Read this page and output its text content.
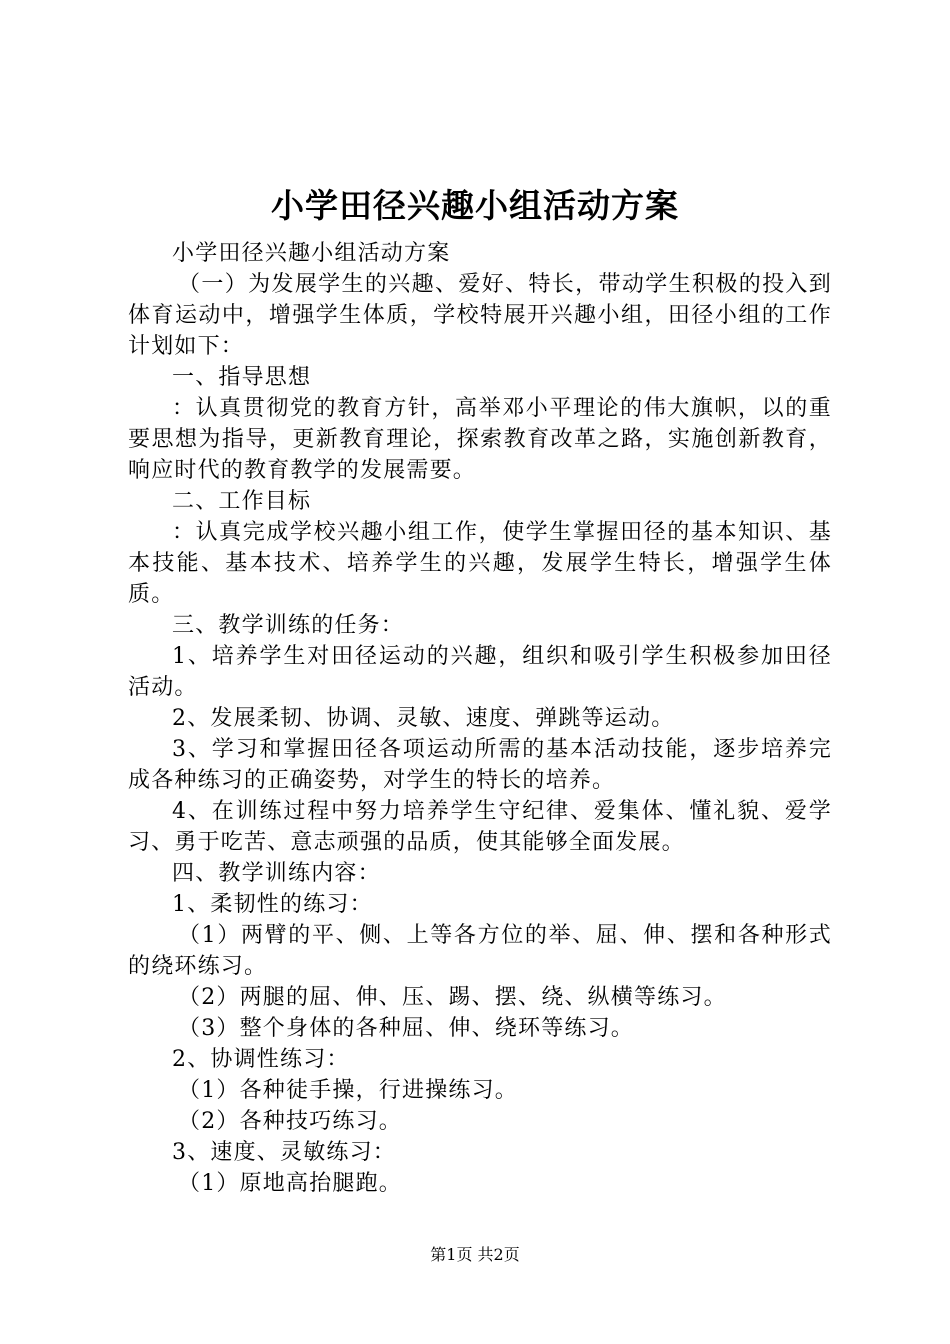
小学田径兴趣小组活动方案

小学田径兴趣小组活动方案

（一）为发展学生的兴趣、爱好、特长，带动学生积极的投入到体育运动中，增强学生体质，学校特展开兴趣小组，田径小组的工作计划如下：

一、指导思想

：认真贯彻党的教育方针，高举邓小平理论的伟大旗帜，以的重要思想为指导，更新教育理论，探索教育改革之路，实施创新教育，响应时代的教育教学的发展需要。

二、工作目标

：认真完成学校兴趣小组工作，使学生掌握田径的基本知识、基本技能、基本技术、培养学生的兴趣，发展学生特长，增强学生体质。

三、教学训练的任务：

1、培养学生对田径运动的兴趣，组织和吸引学生积极参加田径活动。

2、发展柔韧、协调、灵敏、速度、弹跳等运动。

3、学习和掌握田径各项运动所需的基本活动技能，逐步培养完成各种练习的正确姿势，对学生的特长的培养。

4、在训练过程中努力培养学生守纪律、爱集体、懂礼貌、爱学习、勇于吃苦、意志顽强的品质，使其能够全面发展。

四、教学训练内容：

1、柔韧性的练习：

（1）两臂的平、侧、上等各方位的举、屈、伸、摆和各种形式的绕环练习。

（2）两腿的屈、伸、压、踢、摆、绕、纵横等练习。

（3）整个身体的各种屈、伸、绕环等练习。

2、协调性练习：

（1）各种徒手操，行进操练习。

（2）各种技巧练习。

3、速度、灵敏练习：

（1）原地高抬腿跑。

第1页 共2页
